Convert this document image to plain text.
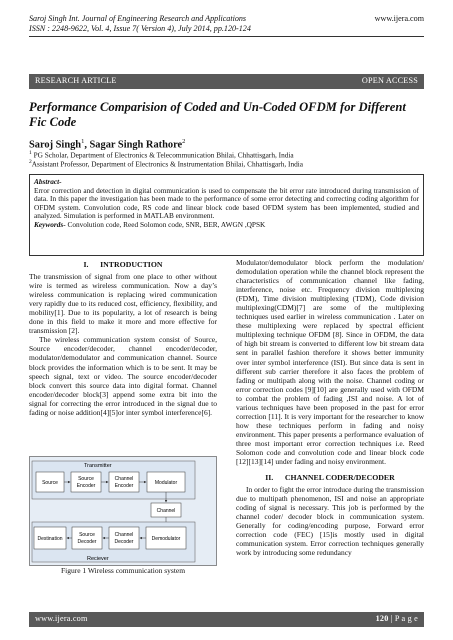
Saroj Singh Int. Journal of Engineering Research and Applications
ISSN : 2248-9622, Vol. 4, Issue 7( Version 4), July 2014, pp.120-124
www.ijera.com
RESEARCH ARTICLE	OPEN ACCESS
Performance Comparision of Coded and Un-Coded OFDM for Different Fic Code
Saroj Singh$^1$, Sagar Singh Rathore$^2$
$^1$ PG Scholar, Department of Electronics & Telecommunication Bhilai, Chhattisgarh, India
$^2$Assistant Professor, Department of Electronics & Instrumentation Bhilai, Chhattisgarh, India
Abstract-
Error correction and detection in digital communication is used to compensate the bit error rate introduced during transmission of data. In this paper the investigation has been made to the performance of some error detecting and correcting coding algorithm for OFDM system. Convolution code, RS code and linear block code based OFDM system has been implemented, studied and analyzed. Simulation is performed in MATLAB environment.
Keywords- Convolution code, Reed Solomon code, SNR, BER, AWGN ,QPSK
I.      INTRODUCTION

The transmission of signal from one place to other without wire is termed as wireless communication. Now a day’s wireless communication is replacing wired communication very rapidly due to its reduced cost, efficiency, flexibility, and mobility[1]. Due to its popularity, a lot of research is being done in this field to make it more and more effective for transmission [2].

The wireless communication system consist of Source, Source encoder/decoder, channel encoder/decoder, modulator/demodulator and communication channel. Source block provides the information which is to be sent. It may be speech signal, text or video. The source encoder/decoder block convert this source data into digital format. Channel encoder/decoder block[3] append some extra bit into the signal for correcting the error introduced in the signal due to fading or noise addition[4][5]or inter symbol interference[6].

Transmitter
Source
Source
Encoder
Channel
Encoder	Modulator
Channel
Reciever
Destination
Source
Decoder
Channel
Decoder	Demodulator
Figure 1 Wireless communication system

Modulator/demodulator block perform the modulation/ demodulation operation while the channel block represent the characteristics of communication channel like fading, interference, noise etc. Frequency division multiplexing (FDM), Time division multiplexing (TDM), Code division multiplexing(CDM)[7] are some of the multiplexing techniques used earlier in wireless communication . Later on these multiplexing were replaced by spectral efficient multiplexing technique OFDM [8]. Since in OFDM, the data of high bit stream is converted to different low bit stream data sent in parallel fashion therefore it shows better immunity over inter symbol interference (ISI). But since data is sent in different sub carrier therefore it also faces the problem of fading or multipath along with the noise. Channel coding or error correction codes [9][10] are generally used with OFDM to combat the problem of fading ,ISI and noise. A lot of various techniques have been proposed in the past for error correction [11]. It is very important for the researcher to know how these techniques perform in fading and noisy environment. This paper presents a performance evaluation of three most important error correction techniques i.e. Reed Solomon code and convolution code and linear block code [12][13][14] under fading and noisy environment.

II.      CHANNEL CODER/DECODER

In order to fight the error introduce during the transmission due to multipath phenomenon, ISI and noise an appropriate coding of signal is necessary. This job is performed by the channel coder/ decoder block in communication system. Generally for coding/encoding purpose, Forward error correction code (FEC) [15]is mostly used in digital communication system. Error correction techniques generally work by introducing some redundancy

www.ijera.com	120 | P a g e
